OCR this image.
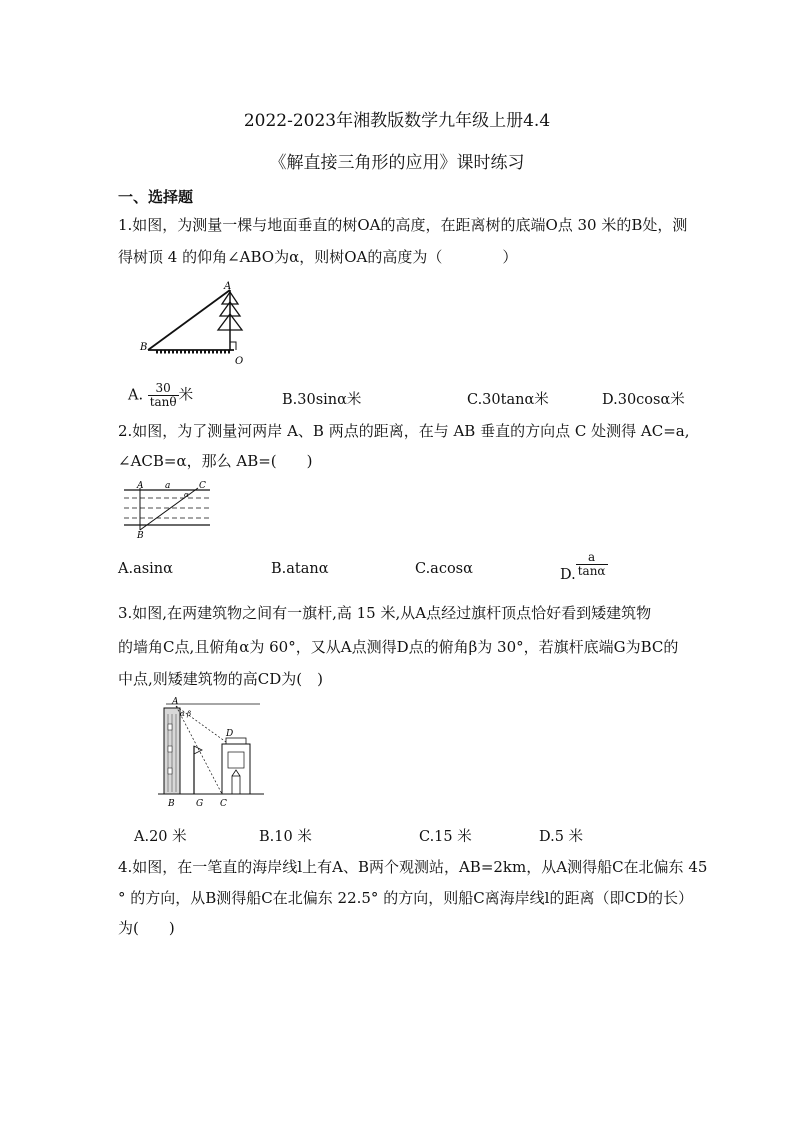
2022-2023年湘教版数学九年级上册4.4
《解直接三角形的应用》课时练习
一、选择题
1.如图，为测量一棵与地面垂直的树OA的高度，在距离树的底端O点 30 米的B处，测
得树顶 4 的仰角∠ABO为α，则树OA的高度为（　　　　）
A
B
O
A. $\frac{30}{\tan\theta}$ 米	B.30sinα米	C.30tanα米	D.30cosα米
2.如图，为了测量河两岸 A、B 两点的距离，在与 AB 垂直的方向点 C 处测得 AC=a,
∠ACB=α，那么 AB=(　　)
A a	C
α
B
A.asinα	B.atanα	C.acosα	D. $\frac{a}{\tan\alpha}$
3.如图,在两建筑物之间有一旗杆,高 15 米,从A点经过旗杆顶点恰好看到矮建筑物
的墙角C点,且俯角α为 60°，又从A点测得D点的俯角β为 30°，若旗杆底端G为BC的
中点,则矮建筑物的高CD为(　)
A
α β
D
B G C
A.20 米	B.10 米	C.15 米	D.5 米
4.如图，在一笔直的海岸线l上有A、B两个观测站，AB=2km，从A测得船C在北偏东 45
° 的方向，从B测得船C在北偏东 22.5° 的方向，则船C离海岸线l的距离（即CD的长）
为(　　)
